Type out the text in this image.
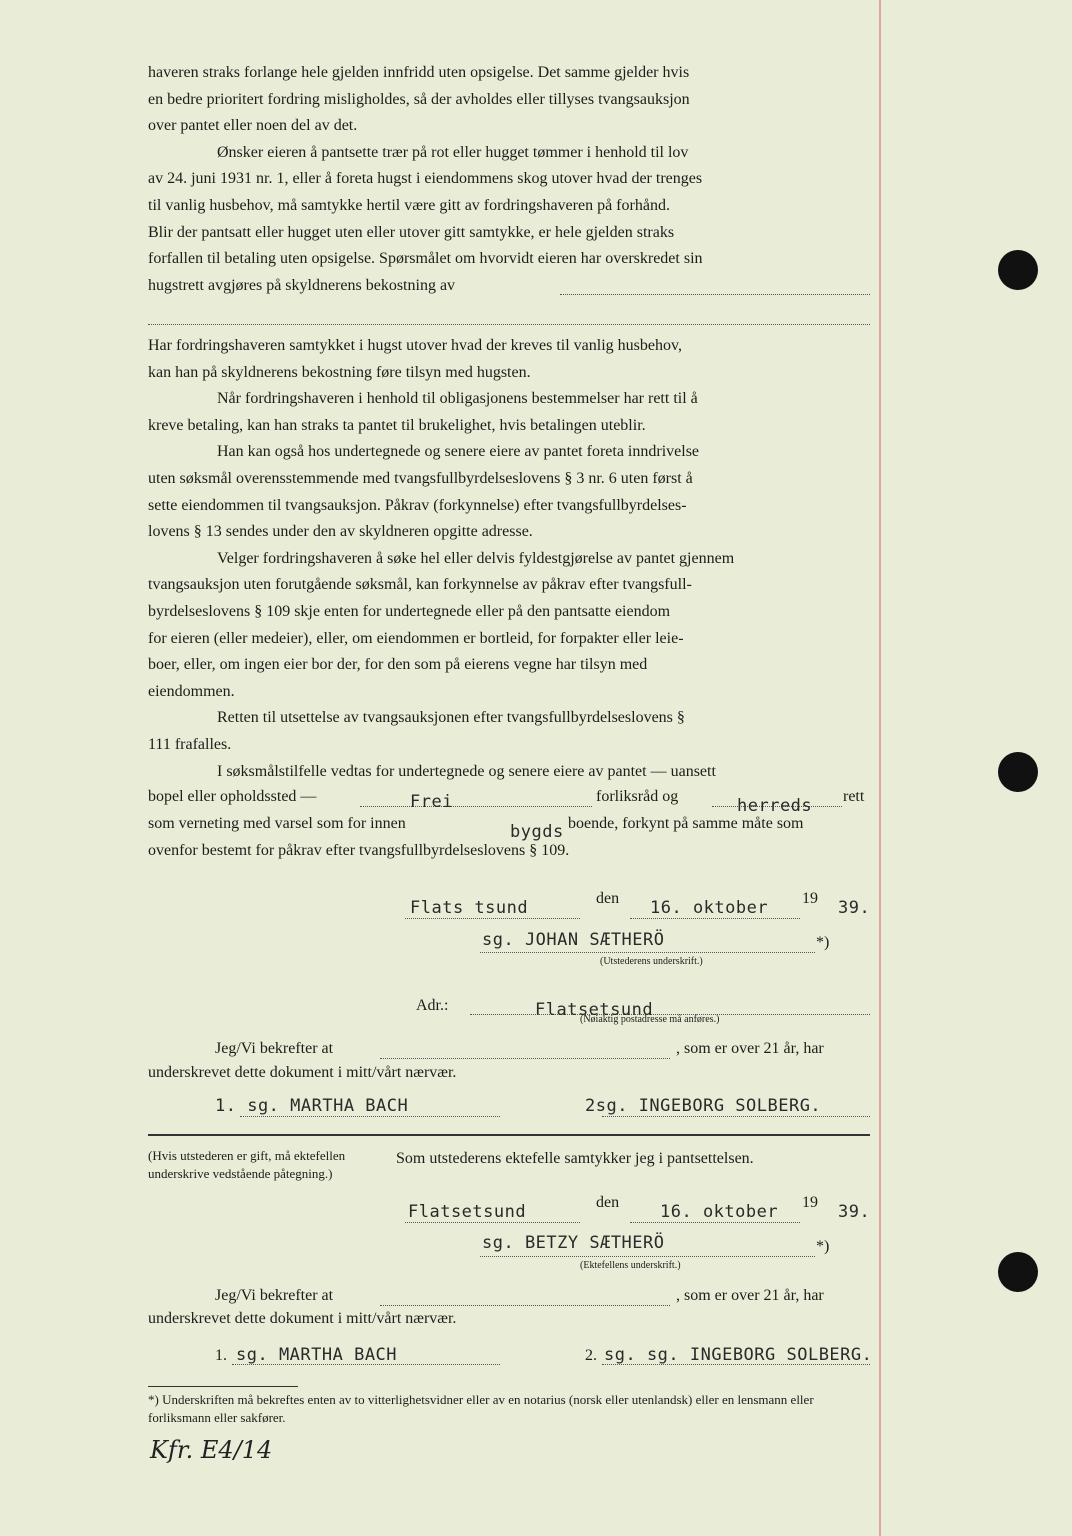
haveren straks forlange hele gjelden innfridd uten opsigelse. Det samme gjelder hvis

en bedre prioritert fordring misligholdes, så der avholdes eller tillyses tvangsauksjon

over pantet eller noen del av det.

Ønsker eieren å pantsette trær på rot eller hugget tømmer i henhold til lov

av 24. juni 1931 nr. 1, eller å foreta hugst i eiendommens skog utover hvad der trenges

til vanlig husbehov, må samtykke hertil være gitt av fordringshaveren på forhånd.

Blir der pantsatt eller hugget uten eller utover gitt samtykke, er hele gjelden straks

forfallen til betaling uten opsigelse. Spørsmålet om hvorvidt eieren har overskredet sin

hugstrett avgjøres på skyldnerens bekostning av

Har fordringshaveren samtykket i hugst utover hvad der kreves til vanlig husbehov,

kan han på skyldnerens bekostning føre tilsyn med hugsten.

Når fordringshaveren i henhold til obligasjonens bestemmelser har rett til å

kreve betaling, kan han straks ta pantet til brukelighet, hvis betalingen uteblir.

Han kan også hos undertegnede og senere eiere av pantet foreta inndrivelse

uten søksmål overensstemmende med tvangsfullbyrdelseslovens § 3 nr. 6 uten først å

sette eiendommen til tvangsauksjon. Påkrav (forkynnelse) efter tvangsfullbyrdelses-

lovens § 13 sendes under den av skyldneren opgitte adresse.

Velger fordringshaveren å søke hel eller delvis fyldestgjørelse av pantet gjennem

tvangsauksjon uten forutgående søksmål, kan forkynnelse av påkrav efter tvangsfull-

byrdelseslovens § 109 skje enten for undertegnede eller på den pantsatte eiendom

for eieren (eller medeier), eller, om eiendommen er bortleid, for forpakter eller leie-

boer, eller, om ingen eier bor der, for den som på eierens vegne har tilsyn med

eiendommen.

Retten til utsettelse av tvangsauksjonen efter tvangsfullbyrdelseslovens §

111 frafalles.

I søksmålstilfelle vedtas for undertegnede og senere eiere av pantet — uansett

bopel eller opholdssted —	Frei	forliksråd og	herreds rett
som verneting med varsel som for innen	bygds boende, forkynt på samme måte som
ovenfor bestemt for påkrav efter tvangsfullbyrdelseslovens § 109.
Flats tsund	den 16. oktober 19 39.
sg. JOHAN SÆTHERÖ	*)
(Utstederens underskrift.)
Adr.:	Flatsetsund
(Nøiaktig postadresse må anføres.)
Jeg/Vi bekrefter at	, som er over 21 år, har
underskrevet dette dokument i mitt/vårt nærvær.
1. sg. MARTHA BACH	2sg. INGEBORG SOLBERG.
(Hvis utstederen er gift, må ektefellen underskrive vedstående påtegning.)
Som utstederens ektefelle samtykker jeg i pantsettelsen.
Flatsetsund	den 16. oktober 19 39.
sg. BETZY SÆTHERÖ	*)
(Ektefellens underskrift.)
Jeg/Vi bekrefter at	, som er over 21 år, har
underskrevet dette dokument i mitt/vårt nærvær.
1. sg. MARTHA BACH	2. sg. sg. INGEBORG SOLBERG.
*) Underskriften må bekreftes enten av to vitterlighetsvidner eller av en notarius (norsk eller utenlandsk) eller en lensmann eller forliksmann eller sakfører.
Kfr. E4/14
